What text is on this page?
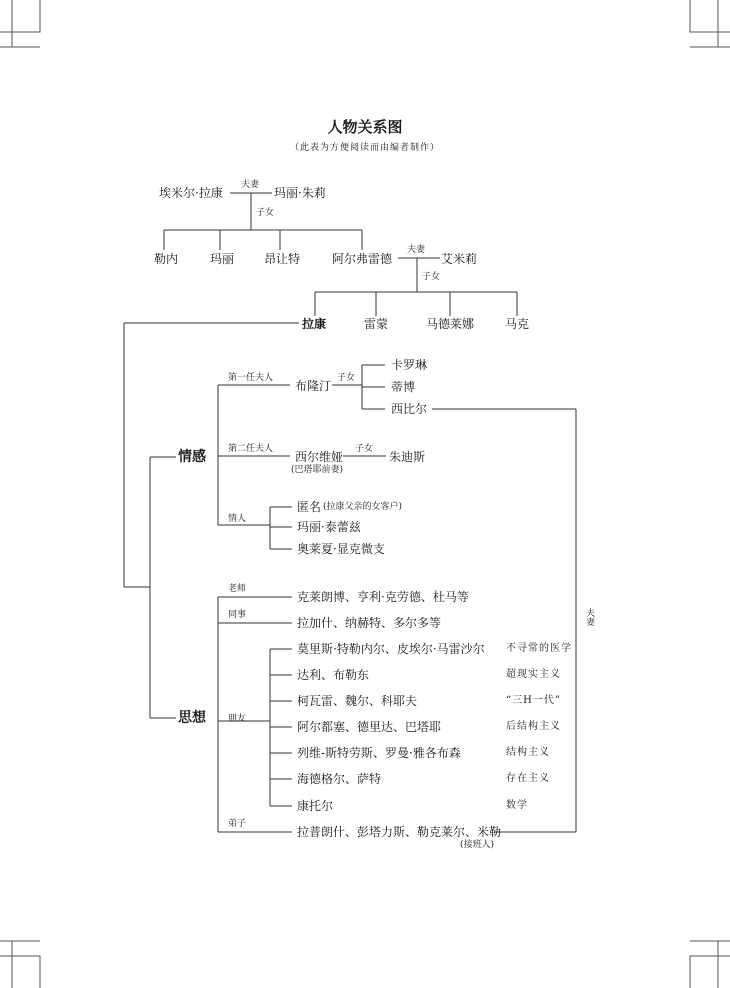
人物关系图
（此表为方便阅读而由编者制作）
埃米尔·拉康
夫妻
玛丽·朱莉
子女
勒内	玛丽 昂让特	阿尔弗雷德
夫妻
艾米莉
子女
拉康	雷蒙	马德莱娜	马克
情感
第一任夫人
布隆汀
子女
卡罗琳
蒂博
西比尔
第二任夫人
西尔维娅
(巴塔耶前妻)
子女
朱迪斯
情人
匿名 (拉康父亲的女客户)
玛丽·泰蕾兹
奥莱夏·显克微支
夫妻
思想
老师
克莱朗博、亨利·克劳德、杜马等
同事
拉加什、纳赫特、多尔多等
朋友
莫里斯·特勒内尔、皮埃尔·马雷沙尔 不寻常的医学
达利、布勒东	超现实主义
柯瓦雷、魏尔、科耶夫	“三H一代”
阿尔都塞、德里达、巴塔耶	后结构主义
列维-斯特劳斯、罗曼·雅各布森	结构主义
海德格尔、萨特	存在主义
康托尔	数学
弟子
拉普朗什、彭塔力斯、勒克莱尔、米勒
(接班人)
